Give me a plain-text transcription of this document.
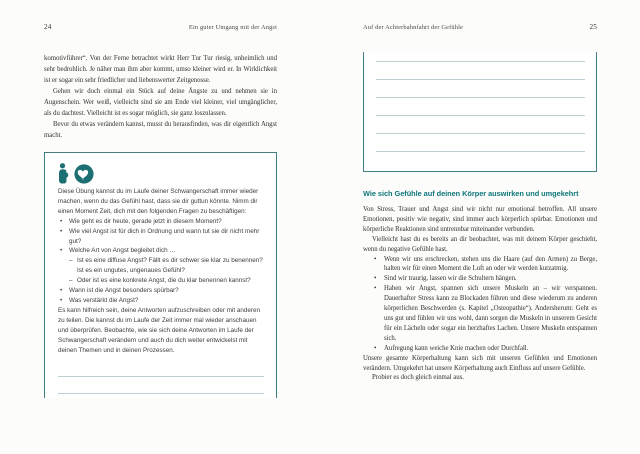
24	Ein guter Umgang mit der Angst

komotivführer“. Von der Ferne betrachtet wirkt Herr Tur Tur riesig, unheimlich und sehr bedrohlich. Je näher man ihm aber kommt, umso kleiner wird er. In Wirklichkeit ist er sogar ein sehr friedlicher und liebenswerter Zeitgenosse.

Gehen wir doch einmal ein Stück auf deine Ängste zu und nehmen sie in Augenschein. Wer weiß, vielleicht sind sie am Ende viel kleiner, viel umgänglicher, als du dachtest. Vielleicht ist es sogar möglich, sie ganz loszulassen.

Bevor du etwas verändern kannst, musst du herausfinden, was dir eigentlich Angst macht.

Diese Übung kannst du im Laufe deiner Schwangerschaft immer wieder machen, wenn du das Gefühl hast, dass sie dir guttun könnte. Nimm dir einen Moment Zeit, dich mit den folgenden Fragen zu beschäftigen:

• Wie geht es dir heute, gerade jetzt in diesem Moment?
• Wie viel Angst ist für dich in Ordnung und wann tut sie dir nicht mehr gut?
• Welche Art von Angst begleitet dich …
– Ist es eine diffuse Angst? Fällt es dir schwer sie klar zu benennen? Ist es ein ungutes, ungenaues Gefühl?
– Oder ist es eine konkrete Angst, die du klar benennen kannst?
• Wann ist die Angst besonders spürbar?
• Was verstärkt die Angst?

Es kann hilfreich sein, deine Antworten aufzuschreiben oder mit anderen zu teilen. Die kannst du im Laufe der Zeit immer mal wieder anschauen und überprüfen. Beobachte, wie sie sich deine Antworten im Laufe der Schwangerschaft verändern und auch du dich weiter entwickelst mit deinen Themen und in deinen Prozessen.

Auf der Achterbahnfahrt der Gefühle	25
Wie sich Gefühle auf deinen Körper auswirken und umgekehrt

Von Stress, Trauer und Angst sind wir nicht nur emotional betroffen. All unsere Emotionen, positiv wie negativ, sind immer auch körperlich spürbar. Emotionen und körperliche Reaktionen sind untrennbar miteinander verbunden.

Vielleicht hast du es bereits an dir beobachtet, was mit deinem Körper geschieht, wenn du negative Gefühle hast.

• Wenn wir uns erschrecken, stehen uns die Haare (auf den Armen) zu Berge, halten wir für einen Moment die Luft an oder wir werden kurzatmig.
• Sind wir traurig, lassen wir die Schultern hängen.
• Haben wir Angst, spannen sich unsere Muskeln an – wir verspannen. Dauerhafter Stress kann zu Blockaden führen und diese wiederum zu anderen körperlichen Beschwerden (s. Kapitel „Osteopathie“). Andersherum: Geht es uns gut und fühlen wir uns wohl, dann sorgen die Muskeln in unserem Gesicht für ein Lächeln oder sogar ein herzhaftes Lachen. Unsere Muskeln entspannen sich.
• Aufregung kann weiche Knie machen oder Durchfall.

Unsere gesamte Körperhaltung kann sich mit unseren Gefühlen und Emotionen verändern. Umgekehrt hat unsere Körperhaltung auch Einfluss auf unsere Gefühle.

Probier es doch gleich einmal aus.
